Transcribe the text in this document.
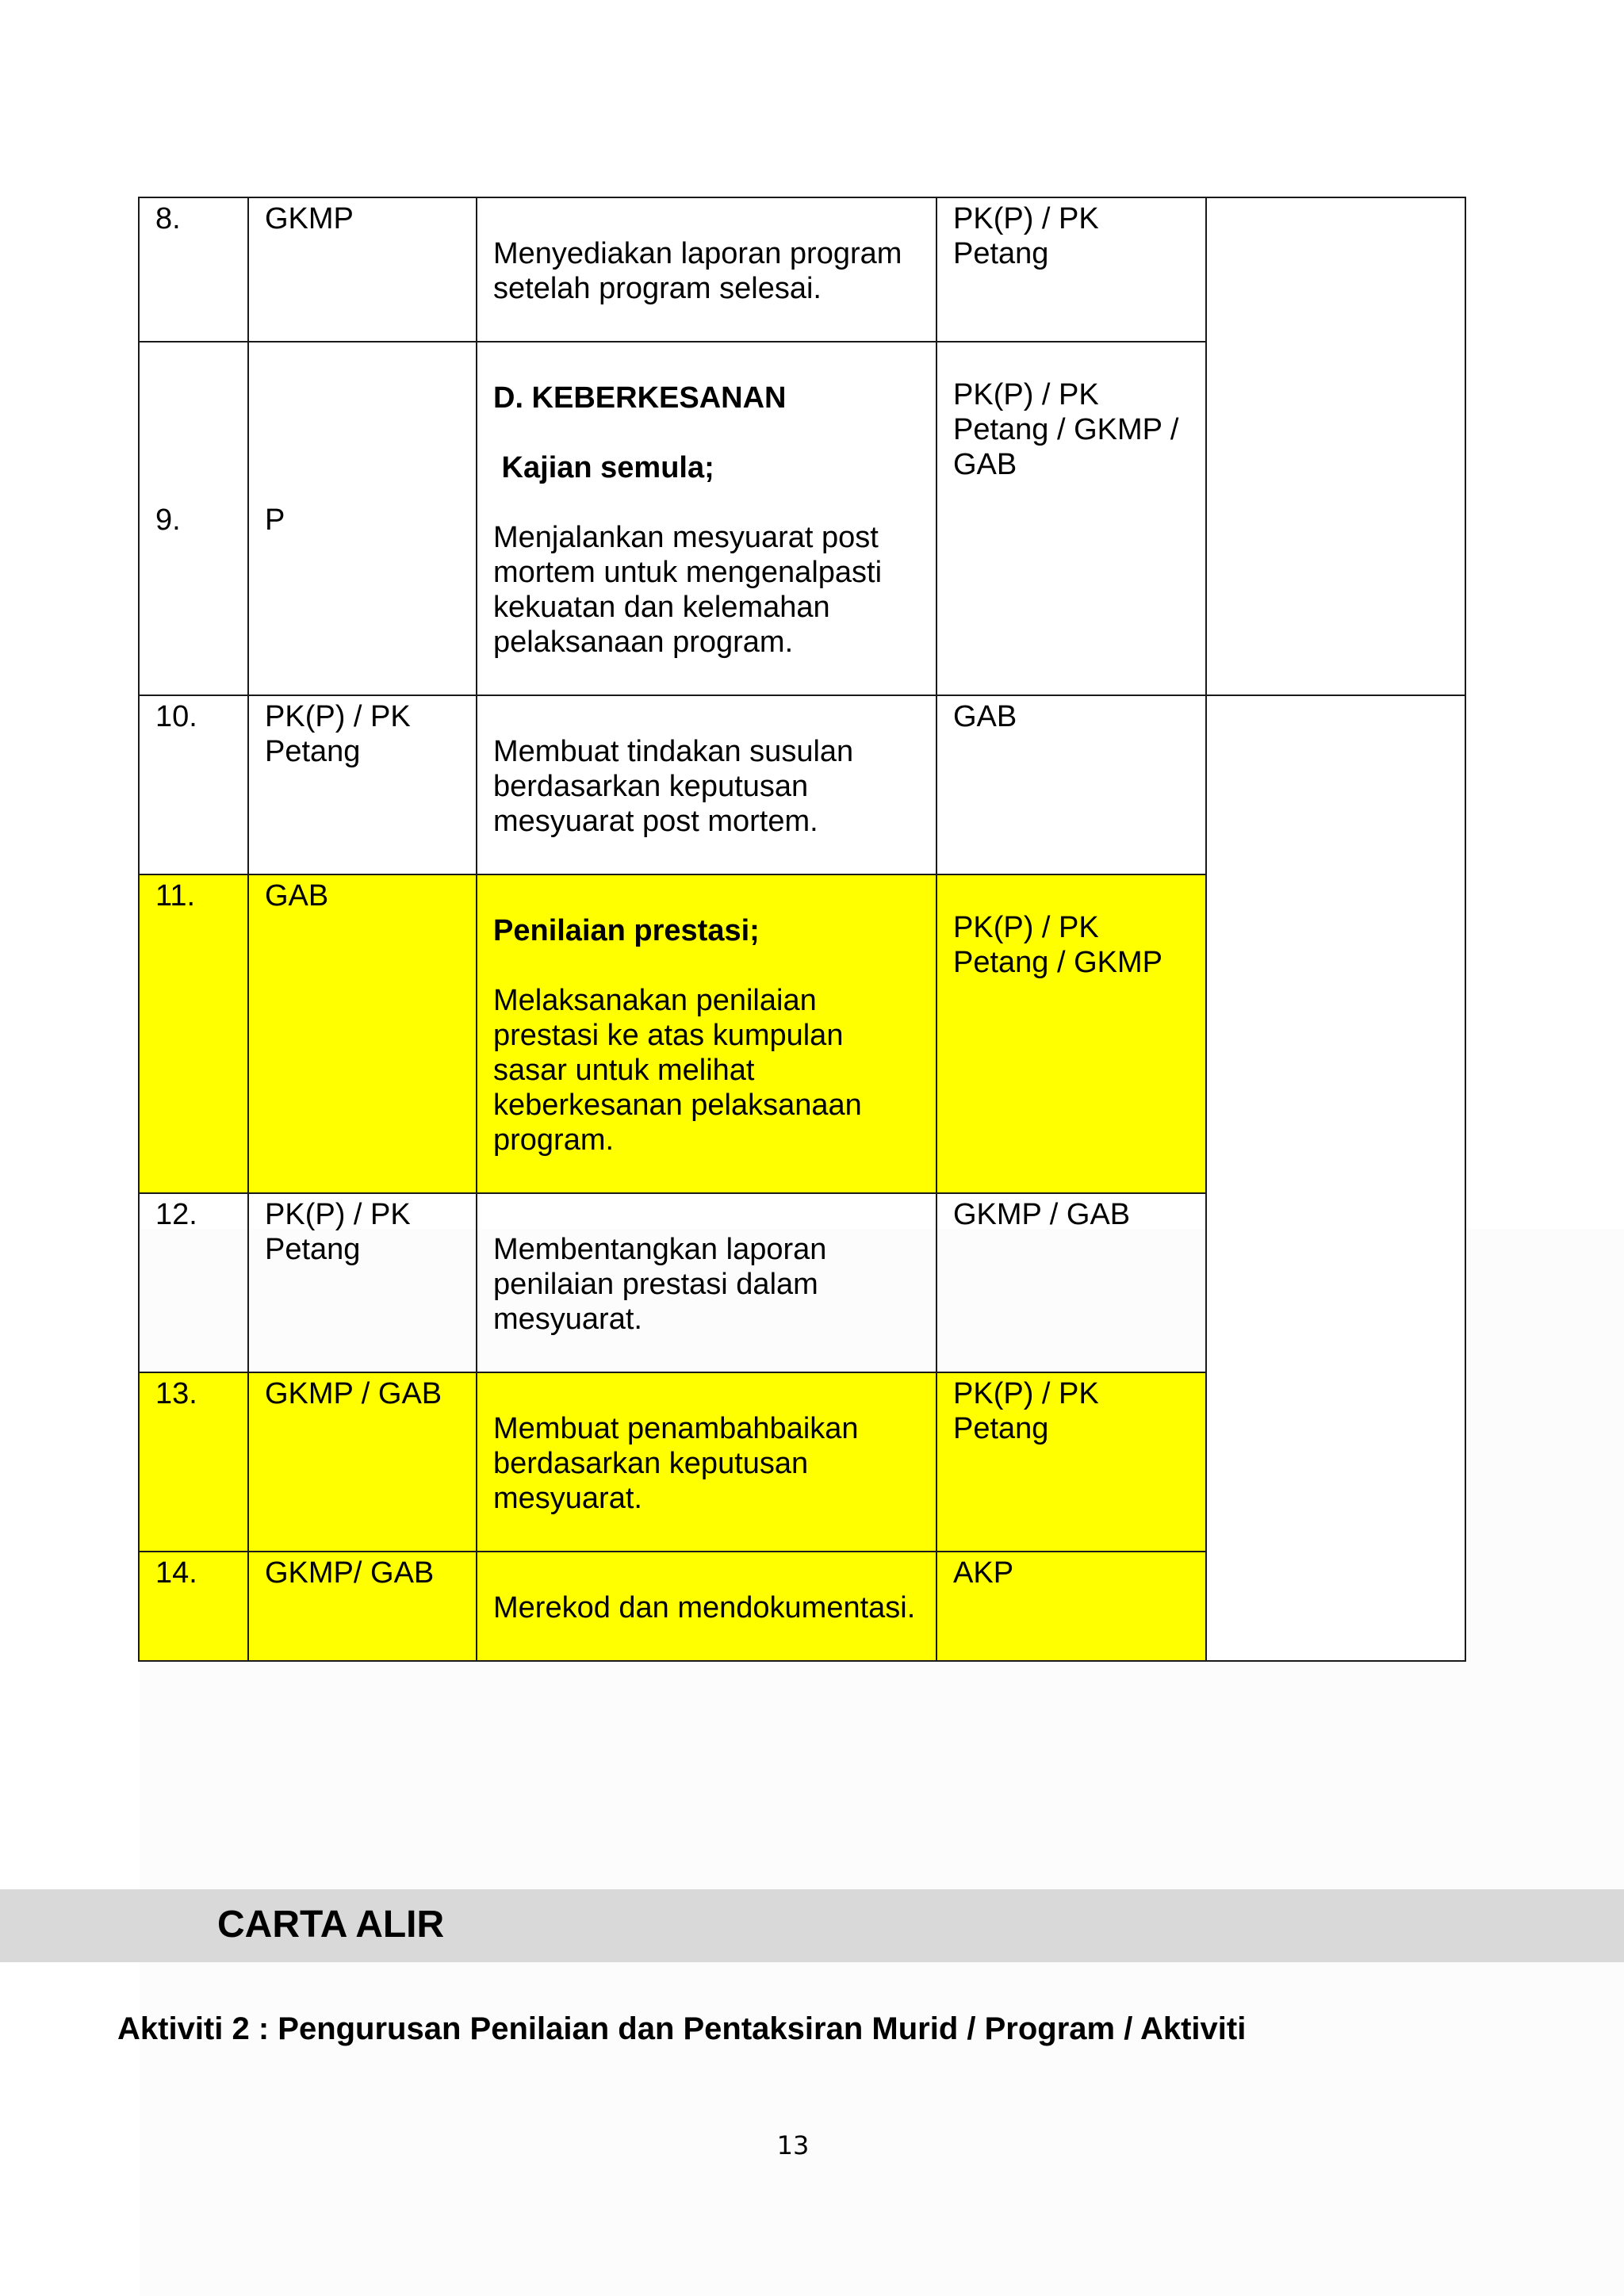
8.	GKMP	Menyediakan laporan program setelah program selesai.	PK(P) / PK
Petang	
9.	P	D. KEBERKESANAN

Kajian semula;

Menjalankan mesyuarat post mortem untuk mengenalpasti kekuatan dan kelemahan pelaksanaan program.	PK(P) / PK Petang / GKMP / GAB	
10.	PK(P) / PK
Petang	Membuat tindakan susulan berdasarkan keputusan mesyuarat post mortem.	GAB	
11.	GAB	Penilaian prestasi;

Melaksanakan penilaian prestasi ke atas kumpulan sasar untuk melihat keberkesanan pelaksanaan program.	PK(P) / PK
Petang / GKMP	
12.	PK(P) / PK
Petang	Membentangkan laporan penilaian prestasi dalam mesyuarat.	GKMP / GAB	
13.	GKMP / GAB	Membuat penambahbaikan berdasarkan keputusan mesyuarat.	PK(P) / PK
Petang	
14.	GKMP/ GAB	Merekod dan mendokumentasi.	AKP	
CARTA ALIR
Aktiviti 2 : Pengurusan Penilaian dan Pentaksiran Murid / Program / Aktiviti
13
